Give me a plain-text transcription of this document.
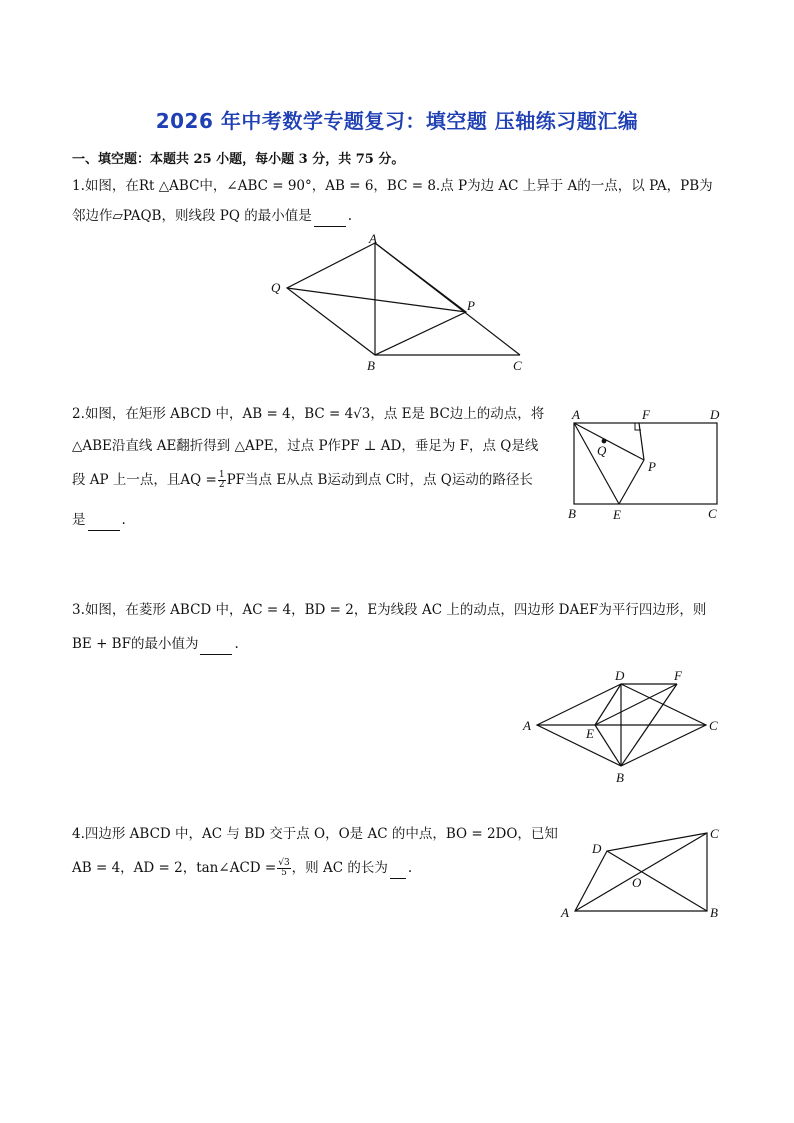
2026 年中考数学专题复习：填空题 压轴练习题汇编
一、填空题：本题共 25 小题，每小题 3 分，共 75 分。
1.如图，在Rt △ABC中，∠ABC = 90°，AB = 6，BC = 8.点 P为边 AC 上异于 A的一点，以 PA，PB为
邻边作▱PAQB，则线段 PQ 的最小值是	.
A
Q
P
B	C
2.如图，在矩形 ABCD 中，AB = 4，BC = 4√3，点 E是 BC边上的动点，将
△ABE沿直线 AE翻折得到 △APE，过点 P作PF ⊥ AD，垂足为 F，点 Q是线
段 AP 上一点，且AQ = $\frac{1}{2}$ PF当点 E从点 B运动到点 C时，点 Q运动的路径长
是	.
A	F	D
Q
P
B	E	C
3.如图，在菱形 ABCD 中，AC = 4，BD = 2，E为线段 AC 上的动点，四边形 DAEF为平行四边形，则
BE + BF的最小值为	.
D	F
A
E
C
B
4.四边形 ABCD 中，AC 与 BD 交于点 O，O是 AC 的中点，BO = 2DO，已知
AB = 4，AD = 2，tan∠ACD = $\frac{√3}{5}$ ，则 AC 的长为 .
D
C
O
A	B
